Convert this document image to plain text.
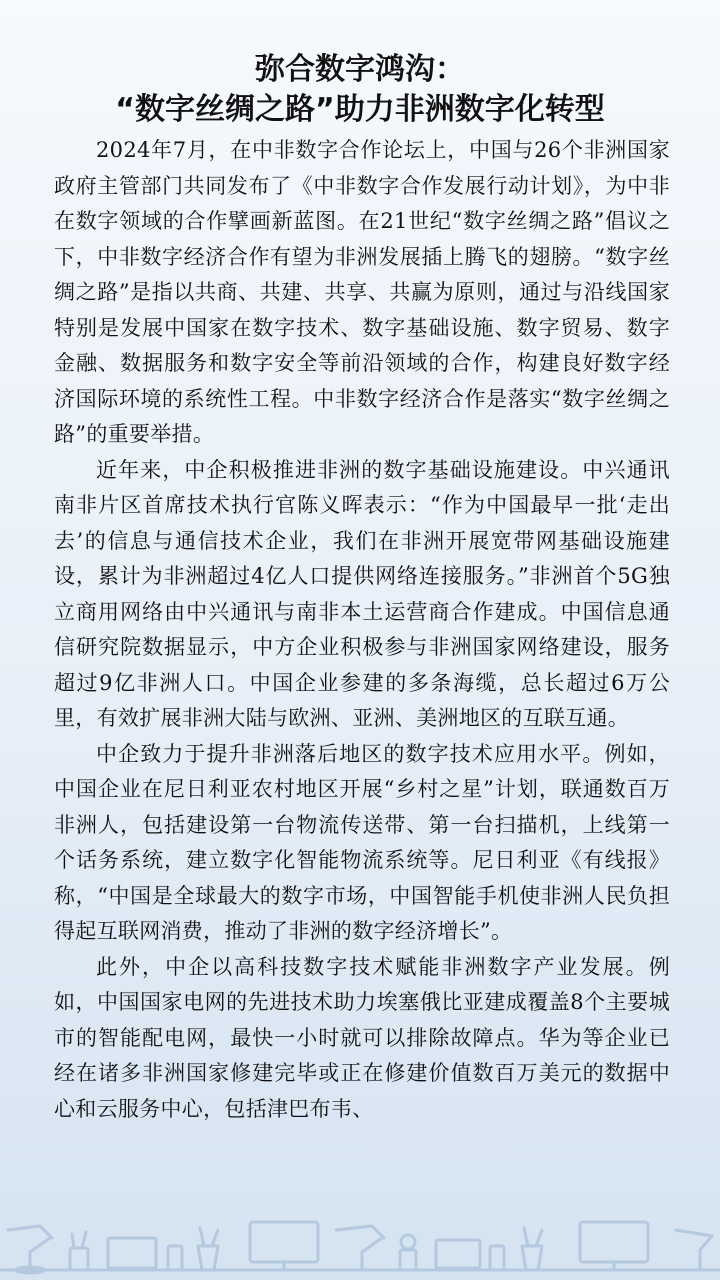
弥合数字鸿沟：
“数字丝绸之路”助力非洲数字化转型

2024年7月，在中非数字合作论坛上，中国与26个非洲国家政府主管部门共同发布了《中非数字合作发展行动计划》，为中非在数字领域的合作擘画新蓝图。在21世纪“数字丝绸之路”倡议之下，中非数字经济合作有望为非洲发展插上腾飞的翅膀。“数字丝绸之路”是指以共商、共建、共享、共赢为原则，通过与沿线国家特别是发展中国家在数字技术、数字基础设施、数字贸易、数字金融、数据服务和数字安全等前沿领域的合作，构建良好数字经济国际环境的系统性工程。中非数字经济合作是落实“数字丝绸之路”的重要举措。

近年来，中企积极推进非洲的数字基础设施建设。中兴通讯南非片区首席技术执行官陈义晖表示：“作为中国最早一批‘走出去’的信息与通信技术企业，我们在非洲开展宽带网基础设施建设，累计为非洲超过4亿人口提供网络连接服务。”非洲首个5G独立商用网络由中兴通讯与南非本土运营商合作建成。中国信息通信研究院数据显示，中方企业积极参与非洲国家网络建设，服务超过9亿非洲人口。中国企业参建的多条海缆，总长超过6万公里，有效扩展非洲大陆与欧洲、亚洲、美洲地区的互联互通。

中企致力于提升非洲落后地区的数字技术应用水平。例如，中国企业在尼日利亚农村地区开展“乡村之星”计划，联通数百万非洲人，包括建设第一台物流传送带、第一台扫描机，上线第一个话务系统，建立数字化智能物流系统等。尼日利亚《有线报》称，“中国是全球最大的数字市场，中国智能手机使非洲人民负担得起互联网消费，推动了非洲的数字经济增长”。

此外，中企以高科技数字技术赋能非洲数字产业发展。例如，中国国家电网的先进技术助力埃塞俄比亚建成覆盖8个主要城市的智能配电网，最快一小时就可以排除故障点。华为等企业已经在诸多非洲国家修建完毕或正在修建价值数百万美元的数据中心和云服务中心，包括津巴布韦、
